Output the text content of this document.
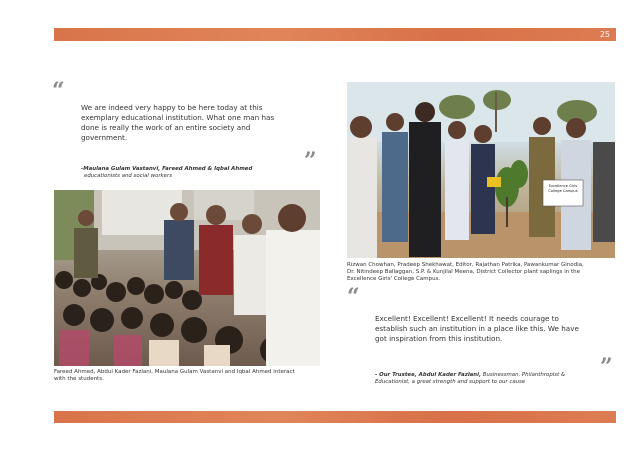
25
“
We are indeed very happy to be here today at this
exemplary educational institution. What one man has
done is really the work of an entire society and
government.
”
-Maulana Gulam Vastanvi, Fareed Ahmed & Iqbal Ahmed
educationists and social workers
Fareed Ahmed, Abdul Kader Fazlani, Maulana Gulam Vastanvi and Iqbal Ahmed interact
with the students.
Excellence Girls College Campus
Rizwan Chowhan, Pradeep Shekhawat, Editor, Rajathan Patrika, Pawankumar Ginodia,
Dr. Nitindeep Ballaggan, S.P. & Kunjilal Meena, District Collector plant saplings in the
Excellence Girls' College Campus.
“
Excellent! Excellent! Excellent! It needs courage to
establish such an institution in a place like this. We have
got inspiration from this institution.
”
- Our Trustee, Abdul Kader Fazlani, Businessman, Philanthropist &
Educationist, a great strength and support to our cause
